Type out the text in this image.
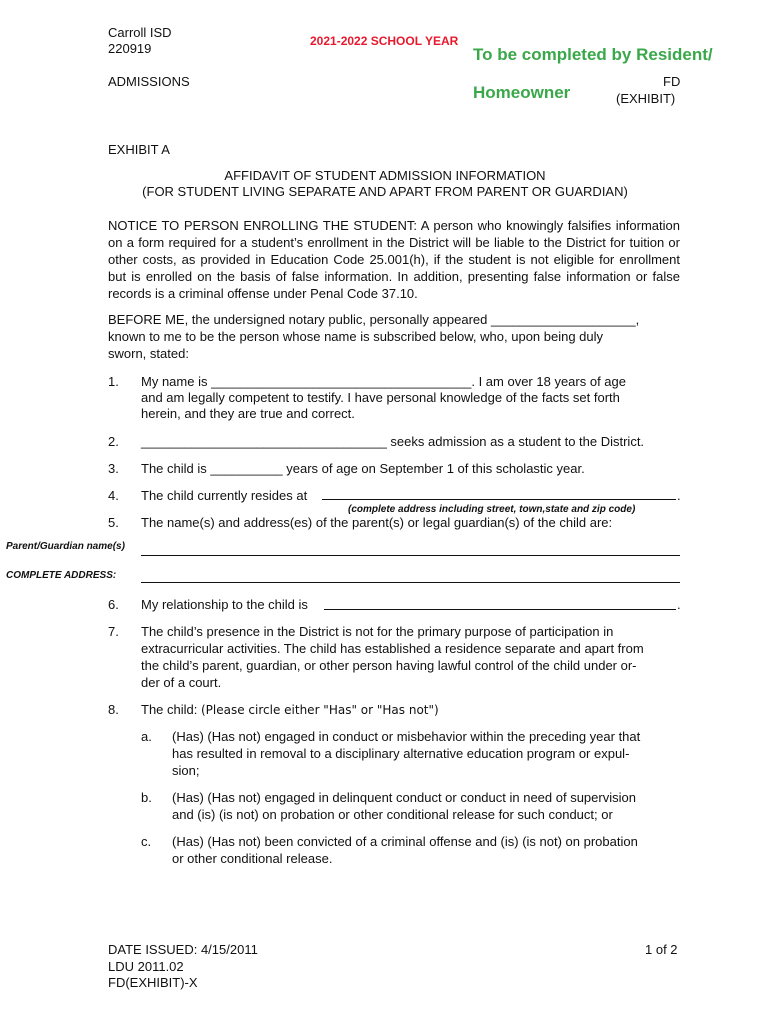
Carroll ISD
220919	2021-2022 SCHOOL YEAR
To be completed by Resident/
ADMISSIONS	FD
Homeowner	(EXHIBIT)
EXHIBIT A
AFFIDAVIT OF STUDENT ADMISSION INFORMATION
(FOR STUDENT LIVING SEPARATE AND APART FROM PARENT OR GUARDIAN)
NOTICE TO PERSON ENROLLING THE STUDENT: A person who knowingly falsifies information on a form required for a student’s enrollment in the District will be liable to the District for tuition or other costs, as provided in Education Code 25.001(h), if the student is not eligible for enrollment but is enrolled on the basis of false information. In addition, presenting false information or false records is a criminal offense under Penal Code 37.10.
BEFORE ME, the undersigned notary public, personally appeared ____________________,
known to me to be the person whose name is subscribed below, who, upon being duly
sworn, stated:
1. My name is ____________________________________. I am over 18 years of age
and am legally competent to testify. I have personal knowledge of the facts set forth
herein, and they are true and correct.
2. __________________________________ seeks admission as a student to the District.
3. The child is __________ years of age on September 1 of this scholastic year.
4. The child currently resides at	.
(complete address including street, town,state and zip code)
5. The name(s) and address(es) of the parent(s) or legal guardian(s) of the child are:
Parent/Guardian name(s)
COMPLETE ADDRESS:
6. My relationship to the child is	.
7. The child’s presence in the District is not for the primary purpose of participation in
extracurricular activities. The child has established a residence separate and apart from
the child’s parent, guardian, or other person having lawful control of the child under or-
der of a court.
8. The child: (Please circle either "Has" or "Has not")
a. (Has) (Has not) engaged in conduct or misbehavior within the preceding year that
has resulted in removal to a disciplinary alternative education program or expul-
sion;
b. (Has) (Has not) engaged in delinquent conduct or conduct in need of supervision
and (is) (is not) on probation or other conditional release for such conduct; or
c. (Has) (Has not) been convicted of a criminal offense and (is) (is not) on probation
or other conditional release.
DATE ISSUED: 4/15/2011
LDU 2011.02
FD(EXHIBIT)-X
1 of 2
